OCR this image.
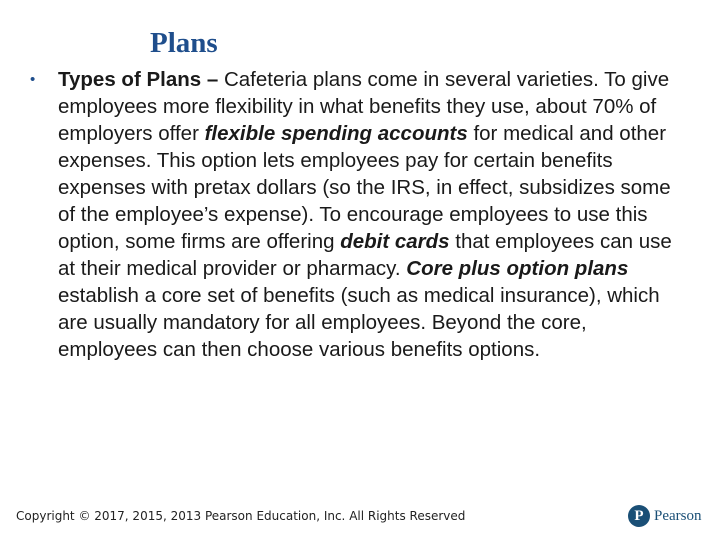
Plans
•	Types of Plans – Cafeteria plans come in several varieties. To give employees more flexibility in what benefits they use, about 70% of employers offer flexible spending accounts for medical and other expenses. This option lets employees pay for certain benefits expenses with pretax dollars (so the IRS, in effect, subsidizes some of the employee’s expense). To encourage employees to use this option, some firms are offering debit cards that employees can use at their medical provider or pharmacy. Core plus option plans establish a core set of benefits (such as medical insurance), which are usually mandatory for all employees. Beyond the core, employees can then choose various benefits options.
Copyright © 2017, 2015, 2013 Pearson Education, Inc. All Rights Reserved	P Pearson
